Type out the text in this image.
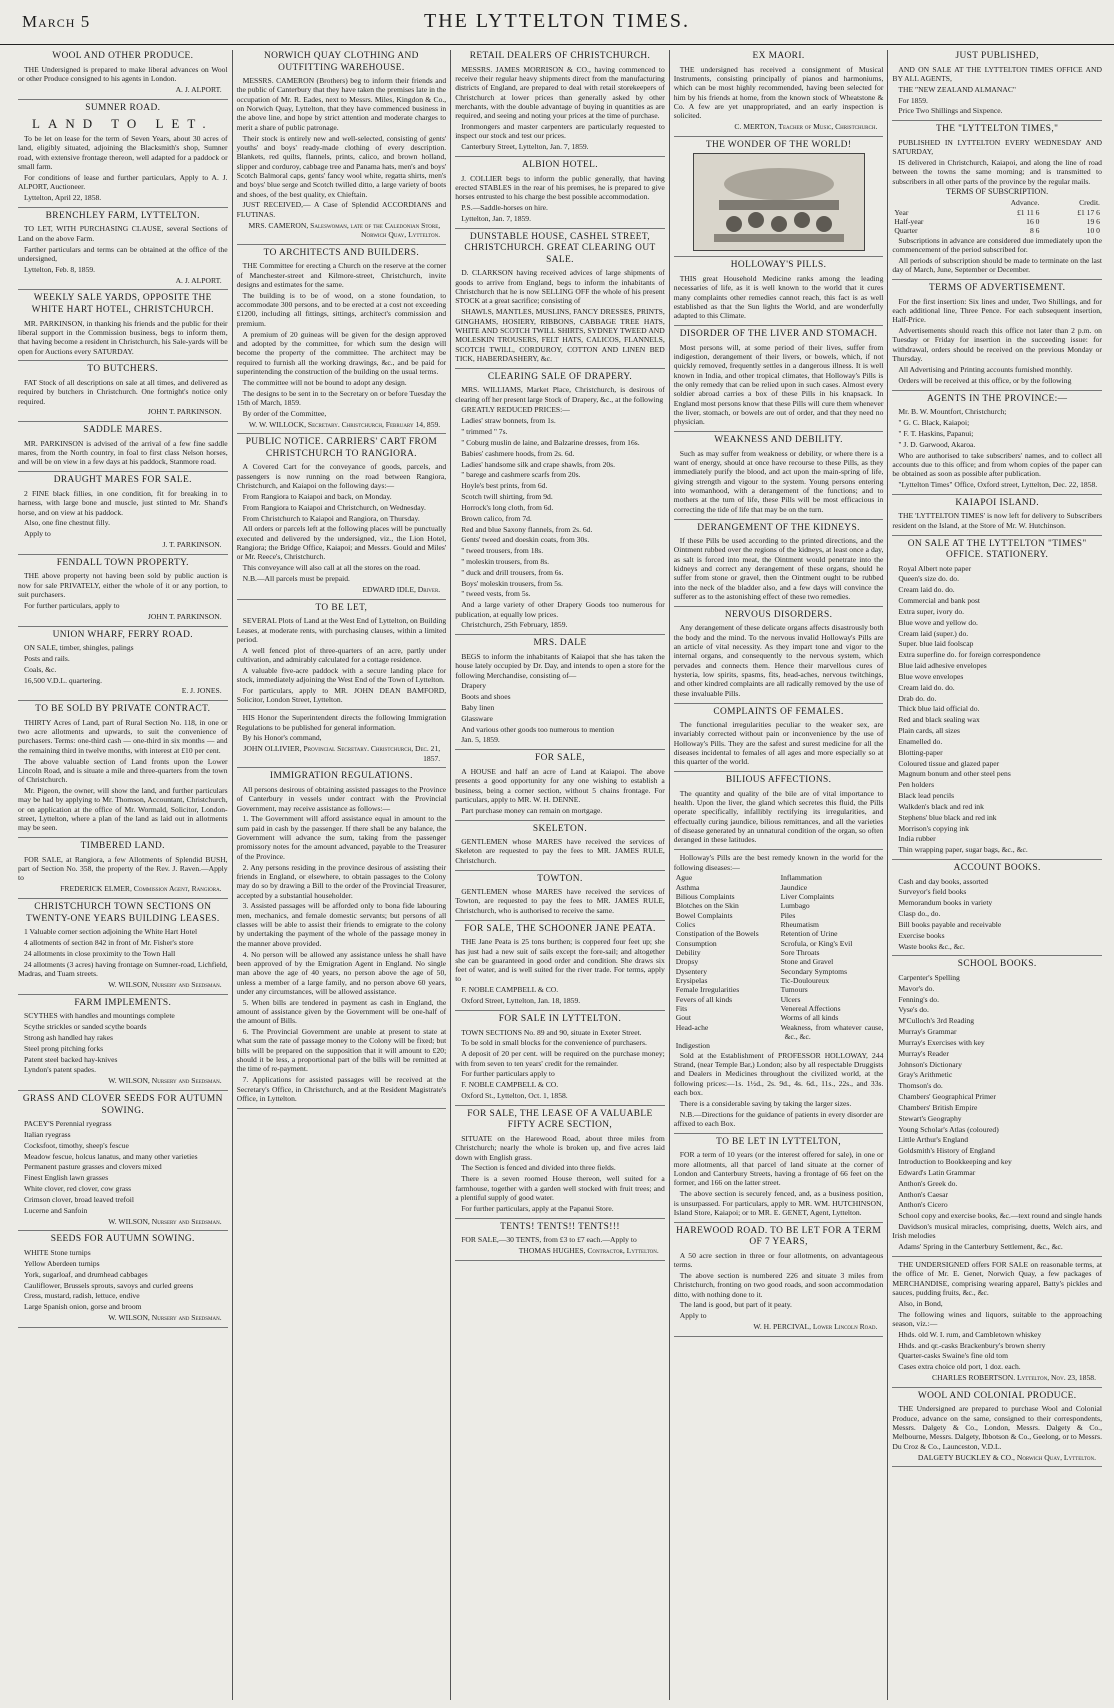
March 5	THE LYTTELTON TIMES.
WOOL AND OTHER PRODUCE.

THE Undersigned is prepared to make liberal advances on Wool or other Produce consigned to his agents in London.

A. J. ALPORT.

SUMNER ROAD.
LAND TO LET.

To be let on lease for the term of Seven Years, about 30 acres of land, eligibly situated, adjoining the Blacksmith's shop, Sumner road, with extensive frontage thereon, well adapted for a paddock or small farm.

For conditions of lease and further particulars, Apply to A. J. ALPORT, Auctioneer.

Lyttelton, April 22, 1858.

BRENCHLEY FARM, LYTTELTON.

TO LET, WITH PURCHASING CLAUSE, several Sections of Land on the above Farm.

Farther particulars and terms can be obtained at the office of the undersigned,

Lyttelton, Feb. 8, 1859.

A. J. ALPORT.

WEEKLY SALE YARDS, OPPOSITE THE WHITE HART HOTEL, CHRISTCHURCH.

MR. PARKINSON, in thanking his friends and the public for their liberal support in the Commission business, begs to inform them, that having become a resident in Christchurch, his Sale-yards will be open for Auctions every SATURDAY.

TO BUTCHERS.

FAT Stock of all descriptions on sale at all times, and delivered as required by butchers in Christchurch. One fortnight's notice only required.

JOHN T. PARKINSON.

SADDLE MARES.

MR. PARKINSON is advised of the arrival of a few fine saddle mares, from the North country, in foal to first class Nelson horses, and will be on view in a few days at his paddock, Stanmore road.

DRAUGHT MARES FOR SALE.

2 FINE black fillies, in one condition, fit for breaking in to harness, with large bone and muscle, just stinted to Mr. Shand's horse, and on view at his paddock.

Also, one fine chestnut filly.

Apply to

J. T. PARKINSON.

FENDALL TOWN PROPERTY.

THE above property not having been sold by public auction is now for sale PRIVATELY, either the whole of it or any portion, to suit purchasers.

For further particulars, apply to

JOHN T. PARKINSON.

UNION WHARF, FERRY ROAD.

ON SALE, timber, shingles, palings

Posts and rails.

Coals, &c.

16,500 V.D.L. quartering.

E. J. JONES.

TO BE SOLD BY PRIVATE CONTRACT.

THIRTY Acres of Land, part of Rural Section No. 118, in one or two acre allotments and upwards, to suit the convenience of purchasers. Terms: one-third cash — one-third in six months — and the remaining third in twelve months, with interest at £10 per cent.

The above valuable section of Land fronts upon the Lower Lincoln Road, and is situate a mile and three-quarters from the town of Christchurch.

Mr. Pigeon, the owner, will show the land, and further particulars may be had by applying to Mr. Thomson, Accountant, Christchurch, or on application at the office of Mr. Wormald, Solicitor, London-street, Lyttelton, where a plan of the land as laid out in allotments may be seen.

TIMBERED LAND.

FOR SALE, at Rangiora, a few Allotments of Splendid BUSH, part of Section No. 358, the property of the Rev. J. Raven.—Apply to

FREDERICK ELMER, Commission Agent, Rangiora.

CHRISTCHURCH TOWN SECTIONS ON TWENTY-ONE YEARS BUILDING LEASES.

1 Valuable corner section adjoining the White Hart Hotel

4 allotments of section 842 in front of Mr. Fisher's store

24 allotments in close proximity to the Town Hall

24 allotments (3 acres) having frontage on Sumner-road, Lichfield, Madras, and Tuam streets.

W. WILSON, Nursery and Seedsman.

FARM IMPLEMENTS.

SCYTHES with handles and mountings complete

Scythe strickles or sanded scythe boards

Strong ash handled hay rakes

Steel prong pitching forks

Patent steel backed hay-knives

Lyndon's patent spades.

W. WILSON, Nursery and Seedsman.

GRASS AND CLOVER SEEDS FOR AUTUMN SOWING.

PACEY'S Perennial ryegrass

Italian ryegrass

Cocksfoot, timothy, sheep's fescue

Meadow fescue, holcus lanatus, and many other varieties

Permanent pasture grasses and clovers mixed

Finest English lawn grasses

White clover, red clover, cow grass

Crimson clover, broad leaved trefoil

Lucerne and Sanfoin

W. WILSON, Nursery and Seedsman.

SEEDS FOR AUTUMN SOWING.

WHITE Stone turnips

Yellow Aberdeen turnips

York, sugarloaf, and drumhead cabbages

Cauliflower, Brussels sprouts, savoys and curled greens

Cress, mustard, radish, lettuce, endive

Large Spanish onion, gorse and broom

W. WILSON, Nursery and Seedsman.

NORWICH QUAY CLOTHING AND OUTFITTING WAREHOUSE.

MESSRS. CAMERON (Brothers) beg to inform their friends and the public of Canterbury that they have taken the premises late in the occupation of Mr. R. Eades, next to Messrs. Miles, Kingdon & Co., on Norwich Quay, Lyttelton, that they have commenced business in the above line, and hope by strict attention and moderate charges to merit a share of public patronage.

Their stock is entirely new and well-selected, consisting of gents' youths' and boys' ready-made clothing of every description. Blankets, red quilts, flannels, prints, calico, and brown holland, slipper and corduroy, cabbage tree and Panama hats, men's and boys' Scotch Balmoral caps, gents' fancy wool white, regatta shirts, men's and boys' blue serge and Scotch twilled ditto, a large variety of boots and shoes, of the best quality, ex Chieftain.

JUST RECEIVED,— A Case of Splendid ACCORDIANS and FLUTINAS.

MRS. CAMERON, Saleswoman, late of the Caledonian Store, Norwich Quay, Lyttelton.

TO ARCHITECTS AND BUILDERS.

THE Committee for erecting a Church on the reserve at the corner of Manchester-street and Kilmore-street, Christchurch, invite designs and estimates for the same.

The building is to be of wood, on a stone foundation, to accommodate 300 persons, and to be erected at a cost not exceeding £1200, including all fittings, sittings, architect's commission and premium.

A premium of 20 guineas will be given for the design approved and adopted by the committee, for which sum the design will become the property of the committee. The architect may be required to furnish all the working drawings, &c., and be paid for superintending the construction of the building on the usual terms.

The committee will not be bound to adopt any design.

The designs to be sent in to the Secretary on or before Tuesday the 15th of March, 1859.

By order of the Committee,

W. W. WILLOCK, Secretary. Christchurch, February 14, 859.

PUBLIC NOTICE. CARRIERS' CART FROM CHRISTCHURCH TO RANGIORA.

A Covered Cart for the conveyance of goods, parcels, and passengers is now running on the road between Rangiora, Christchurch, and Kaiapoi on the following days:—

From Rangiora to Kaiapoi and back, on Monday.

From Rangiora to Kaiapoi and Christchurch, on Wednesday.

From Christchurch to Kaiapoi and Rangiora, on Thursday.

All orders or parcels left at the following places will be punctually executed and delivered by the undersigned, viz., the Lion Hotel, Rangiora; the Bridge Office, Kaiapoi; and Messrs. Gould and Miles' or Mr. Reece's, Christchurch.

This conveyance will also call at all the stores on the road.

N.B.—All parcels must be prepaid.

EDWARD IDLE, Driver.

TO BE LET,

SEVERAL Plots of Land at the West End of Lyttelton, on Building Leases, at moderate rents, with purchasing clauses, within a limited period.

A well fenced plot of three-quarters of an acre, partly under cultivation, and admirably calculated for a cottage residence.

A valuable five-acre paddock with a secure landing place for stock, immediately adjoining the West End of the Town of Lyttelton.

For particulars, apply to MR. JOHN DEAN BAMFORD, Solicitor, London Street, Lyttelton.

HIS Honor the Superintendent directs the following Immigration Regulations to be published for general information.

By his Honor's command,

JOHN OLLIVIER, Provincial Secretary. Christchurch, Dec. 21, 1857.

IMMIGRATION REGULATIONS.

All persons desirous of obtaining assisted passages to the Province of Canterbury in vessels under contract with the Provincial Government, may receive assistance as follows:—

1. The Government will afford assistance equal in amount to the sum paid in cash by the passenger. If there shall be any balance, the Government will advance the sum, taking from the passenger promissory notes for the amount advanced, payable to the Treasurer of the Province.

2. Any persons residing in the province desirous of assisting their friends in England, or elsewhere, to obtain passages to the Colony may do so by drawing a Bill to the order of the Provincial Treasurer, accepted by a substantial householder.

3. Assisted passages will be afforded only to bona fide labouring men, mechanics, and female domestic servants; but persons of all classes will be able to assist their friends to emigrate to the colony by undertaking the payment of the whole of the passage money in the manner above provided.

4. No person will be allowed any assistance unless he shall have been approved of by the Emigration Agent in England. No single man above the age of 40 years, no person above the age of 50, unless a member of a large family, and no person above 60 years, under any circumstances, will be allowed assistance.

5. When bills are tendered in payment as cash in England, the amount of assistance given by the Government will be one-half of the amount of Bills.

6. The Provincial Government are unable at present to state at what sum the rate of passage money to the Colony will be fixed; but bills will be prepared on the supposition that it will amount to £20; should it be less, a proportional part of the bills will be remitted at the time of re-payment.

7. Applications for assisted passages will be received at the Secretary's Office, in Christchurch, and at the Resident Magistrate's Office, in Lyttelton.

RETAIL DEALERS OF CHRISTCHURCH.

MESSRS. JAMES MORRISON & CO., having commenced to receive their regular heavy shipments direct from the manufacturing districts of England, are prepared to deal with retail storekeepers of Christchurch at lower prices than generally asked by other merchants, with the double advantage of buying in quantities as are required, and seeing and noting your prices at the time of purchase.

Ironmongers and master carpenters are particularly requested to inspect our stock and test our prices.

Canterbury Street, Lyttelton, Jan. 7, 1859.

ALBION HOTEL.

J. COLLIER begs to inform the public generally, that having erected STABLES in the rear of his premises, he is prepared to give horses entrusted to his charge the best possible accommodation.

P.S.—Saddle-horses on hire.

Lyttelton, Jan. 7, 1859.

DUNSTABLE HOUSE, CASHEL STREET, CHRISTCHURCH. GREAT CLEARING OUT SALE.

D. CLARKSON having received advices of large shipments of goods to arrive from England, begs to inform the inhabitants of Christchurch that he is now SELLING OFF the whole of his present STOCK at a great sacrifice; consisting of

SHAWLS, MANTLES, MUSLINS, FANCY DRESSES, PRINTS, GINGHAMS, HOSIERY, RIBBONS, CABBAGE TREE HATS, WHITE AND SCOTCH TWILL SHIRTS, SYDNEY TWEED AND MOLESKIN TROUSERS, FELT HATS, CALICOS, FLANNELS, SCOTCH TWILL, CORDUROY, COTTON AND LINEN BED TICK, HABERDASHERY, &c.

CLEARING SALE OF DRAPERY.

MRS. WILLIAMS, Market Place, Christchurch, is desirous of clearing off her present large Stock of Drapery, &c., at the following

GREATLY REDUCED PRICES:—

Ladies' straw bonnets, from 1s.

" trimmed " 7s.

" Coburg muslin de laine, and Balzarine dresses, from 16s.

Babies' cashmere hoods, from 2s. 6d.

Ladies' handsome silk and crape shawls, from 20s.

" barege and cashmere scarfs from 20s.

Hoyle's best prints, from 6d.

Scotch twill shirting, from 9d.

Horrock's long cloth, from 6d.

Brown calico, from 7d.

Red and blue Saxony flannels, from 2s. 6d.

Gents' tweed and doeskin coats, from 30s.

" tweed trousers, from 18s.

" moleskin trousers, from 8s.

" duck and drill trousers, from 6s.

Boys' moleskin trousers, from 5s.

" tweed vests, from 5s.

And a large variety of other Drapery Goods too numerous for publication, at equally low prices.

Christchurch, 25th February, 1859.

MRS. DALE

BEGS to inform the inhabitants of Kaiapoi that she has taken the house lately occupied by Dr. Day, and intends to open a store for the following Merchandise, consisting of—

Drapery

Boots and shoes

Baby linen

Glassware

And various other goods too numerous to mention

Jan. 5, 1859.

FOR SALE,

A HOUSE and half an acre of Land at Kaiapoi. The above presents a good opportunity for any one wishing to establish a business, being a corner section, without 5 chains frontage. For particulars, apply to MR. W. H. DENNE.

Part purchase money can remain on mortgage.

SKELETON.

GENTLEMEN whose MARES have received the services of Skeleton are requested to pay the fees to MR. JAMES RULE, Christchurch.

TOWTON.

GENTLEMEN whose MARES have received the services of Towton, are requested to pay the fees to MR. JAMES RULE, Christchurch, who is authorised to receive the same.

FOR SALE, THE SCHOONER JANE PEATA.

THE Jane Peata is 25 tons burthen; is coppered four feet up; she has just had a new suit of sails except the fore-sail; and altogether she can be guaranteed in good order and condition. She draws six feet of water, and is well suited for the river trade. For terms, apply to

F. NOBLE CAMPBELL & CO.

Oxford Street, Lyttelton, Jan. 18, 1859.

FOR SALE IN LYTTELTON.

TOWN SECTIONS No. 89 and 90, situate in Exeter Street.

To be sold in small blocks for the convenience of purchasers.

A deposit of 20 per cent. will be required on the purchase money; with from seven to ten years' credit for the remainder.

For further particulars apply to

F. NOBLE CAMPBELL & CO.

Oxford St., Lyttelton, Oct. 1, 1858.

FOR SALE, THE LEASE OF A VALUABLE FIFTY ACRE SECTION,

SITUATE on the Harewood Road, about three miles from Christchurch; nearly the whole is broken up, and five acres laid down with English grass.

The Section is fenced and divided into three fields.

There is a seven roomed House thereon, well suited for a farmhouse, together with a garden well stocked with fruit trees; and a plentiful supply of good water.

For further particulars, apply at the Papanui Store.

TENTS! TENTS!! TENTS!!!

FOR SALE,—30 TENTS, from £3 to £7 each.—Apply to

THOMAS HUGHES, Contractor, Lyttelton.

EX MAORI.

THE undersigned has received a consignment of Musical Instruments, consisting principally of pianos and harmoniums, which can be most highly recommended, having been selected for him by his friends at home, from the known stock of Wheatstone & Co. A few are yet unappropriated, and an early inspection is solicited.

C. MERTON, Teacher of Music, Christchurch.

THE WONDER OF THE WORLD!
HOLLOWAY'S PILLS.

THIS great Household Medicine ranks among the leading necessaries of life, as it is well known to the world that it cures many complaints other remedies cannot reach, this fact is as well established as that the Sun lights the World, and are wonderfully adapted to this Climate.

DISORDER OF THE LIVER AND STOMACH.

Most persons will, at some period of their lives, suffer from indigestion, derangement of their livers, or bowels, which, if not quickly removed, frequently settles in a dangerous illness. It is well known in India, and other tropical climates, that Holloway's Pills is the only remedy that can be relied upon in such cases. Almost every soldier abroad carries a box of these Pills in his knapsack. In England most persons know that these Pills will cure them whenever the liver, stomach, or bowels are out of order, and that they need no physician.

WEAKNESS AND DEBILITY.

Such as may suffer from weakness or debility, or where there is a want of energy, should at once have recourse to these Pills, as they immediately purify the blood, and act upon the main-spring of life, giving strength and vigour to the system. Young persons entering into womanhood, with a derangement of the functions; and to mothers at the turn of life, these Pills will be most efficacious in correcting the tide of life that may be on the turn.

DERANGEMENT OF THE KIDNEYS.

If these Pills be used according to the printed directions, and the Ointment rubbed over the regions of the kidneys, at least once a day, as salt is forced into meat, the Ointment would penetrate into the kidneys and correct any derangement of these organs, should he suffer from stone or gravel, then the Ointment ought to be rubbed into the neck of the bladder also, and a few days will convince the sufferer as to the astonishing effect of these two remedies.

NERVOUS DISORDERS.

Any derangement of these delicate organs affects disastrously both the body and the mind. To the nervous invalid Holloway's Pills are an article of vital necessity. As they impart tone and vigor to the internal organs, and consequently to the nervous system, which pervades and connects them. Hence their marvellous cures of hysteria, low spirits, spasms, fits, head-aches, nervous twitchings, and other kindred complaints are all radically removed by the use of these invaluable Pills.

COMPLAINTS OF FEMALES.

The functional irregularities peculiar to the weaker sex, are invariably corrected without pain or inconvenience by the use of Holloway's Pills. They are the safest and surest medicine for all the diseases incidental to females of all ages and more especially so at this quarter of the world.

BILIOUS AFFECTIONS.

The quantity and quality of the bile are of vital importance to health. Upon the liver, the gland which secretes this fluid, the Pills operate specifically, infallibly rectifying its irregularities, and effectually curing jaundice, bilious remittances, and all the varieties of disease generated by an unnatural condition of the organ, so often deranged in these latitudes.

Holloway's Pills are the best remedy known in the world for the following diseases:—

Ague	Inflammation
Asthma	Jaundice
Bilious Complaints	Liver Complaints
Blotches on the Skin	Lumbago
Bowel Complaints	Piles
Colics	Rheumatism
Constipation of the Bowels	Retention of Urine
Consumption	Scrofula, or King's Evil
Debility	Sore Throats
Dropsy	Stone and Gravel
Dysentery	Secondary Symptoms
Erysipelas	Tic-Douloureux
Female Irregularities	Tumours
Fevers of all kinds	Ulcers
Fits	Venereal Affections
Gout	Worms of all kinds
Head-ache	Weakness, from whatever cause, &c., &c.
Indigestion

Sold at the Establishment of PROFESSOR HOLLOWAY, 244 Strand, (near Temple Bar,) London; also by all respectable Druggists and Dealers in Medicines throughout the civilized world, at the following prices:—1s. 1½d., 2s. 9d., 4s. 6d., 11s., 22s., and 33s. each box.

There is a considerable saving by taking the larger sizes.

N.B.—Directions for the guidance of patients in every disorder are affixed to each Box.

TO BE LET IN LYTTELTON,

FOR a term of 10 years (or the interest offered for sale), in one or more allotments, all that parcel of land situate at the corner of London and Canterbury Streets, having a frontage of 66 feet on the former, and 166 on the latter street.

The above section is securely fenced, and, as a business position, is unsurpassed. For particulars, apply to MR. WM. HUTCHINSON, Island Store, Kaiapoi; or to MR. E. GENET, Agent, Lyttelton.

HAREWOOD ROAD. TO BE LET FOR A TERM OF 7 YEARS,

A 50 acre section in three or four allotments, on advantageous terms.

The above section is numbered 226 and situate 3 miles from Christchurch, fronting on two good roads, and soon accommodation ditto, with nothing done to it.

The land is good, but part of it peaty.

Apply to

W. H. PERCIVAL, Lower Lincoln Road.

JUST PUBLISHED,

AND ON SALE AT THE LYTTELTON TIMES OFFICE AND BY ALL AGENTS,

THE "NEW ZEALAND ALMANAC"

For 1859.

Price Two Shillings and Sixpence.

THE "LYTTELTON TIMES,"

PUBLISHED IN LYTTELTON EVERY WEDNESDAY AND SATURDAY,

IS delivered in Christchurch, Kaiapoi, and along the line of road between the towns the same morning; and is transmitted to subscribers in all other parts of the province by the regular mails.

TERMS OF SUBSCRIPTION.
	Advance.	Credit.
Year	£1 11 6	£1 17 6
Half-year	16 0	19 6
Quarter	8 6	10 0

Subscriptions in advance are considered due immediately upon the commencement of the period subscribed for.

All periods of subscription should be made to terminate on the last day of March, June, September or December.

TERMS OF ADVERTISEMENT.

For the first insertion: Six lines and under, Two Shillings, and for each additional line, Three Pence. For each subsequent insertion, Half-Price.

Advertisements should reach this office not later than 2 p.m. on Tuesday or Friday for insertion in the succeeding issue: for withdrawal, orders should be received on the previous Monday or Thursday.

All Advertising and Printing accounts furnished monthly.

Orders will be received at this office, or by the following

AGENTS IN THE PROVINCE:—

Mr. B. W. Mountfort, Christchurch;

" G. C. Black, Kaiapoi;

" F. T. Haskins, Papanui;

" J. D. Garwood, Akaroa.

Who are authorised to take subscribers' names, and to collect all accounts due to this office; and from whom copies of the paper can be obtained as soon as possible after publication.

"Lyttelton Times" Office, Oxford street, Lyttelton, Dec. 22, 1858.

KAIAPOI ISLAND.

THE 'LYTTELTON TIMES' is now left for delivery to Subscribers resident on the Island, at the Store of Mr. W. Hutchinson.

ON SALE AT THE LYTTELTON "TIMES" OFFICE. STATIONERY.

Royal Albert note paper

Queen's size do. do.

Cream laid do. do.

Commercial and bank post

Extra super, ivory do.

Blue wove and yellow do.

Cream laid (super.) do.

Super. blue laid foolscap

Extra superfine do. for foreign correspondence

Blue laid adhesive envelopes

Blue wove envelopes

Cream laid do. do.

Drab do. do.

Thick blue laid official do.

Red and black sealing wax

Plain cards, all sizes

Enamelled do.

Blotting-paper

Coloured tissue and glazed paper

Magnum bonum and other steel pens

Pen holders

Black lead pencils

Walkden's black and red ink

Stephens' blue black and red ink

Morrison's copying ink

India rubber

Thin wrapping paper, sugar bags, &c., &c.

ACCOUNT BOOKS.

Cash and day books, assorted

Surveyor's field books

Memorandum books in variety

Clasp do., do.

Bill books payable and receivable

Exercise books

Waste books &c., &c.

SCHOOL BOOKS.

Carpenter's Spelling

Mavor's do.

Fenning's do.

Vyse's do.

M'Culloch's 3rd Reading

Murray's Grammar

Murray's Exercises with key

Murray's Reader

Johnson's Dictionary

Gray's Arithmetic

Thomson's do.

Chambers' Geographical Primer

Chambers' British Empire

Stewart's Geography

Young Scholar's Atlas (coloured)

Little Arthur's England

Goldsmith's History of England

Introduction to Bookkeeping and key

Edward's Latin Grammar

Anthon's Greek do.

Anthon's Caesar

Anthon's Cicero

School copy and exercise books, &c.—text round and single hands

Davidson's musical miracles, comprising, duetts, Welch airs, and Irish melodies

Adams' Spring in the Canterbury Settlement, &c., &c.

THE UNDERSIGNED offers FOR SALE on reasonable terms, at the office of Mr. E. Genet, Norwich Quay, a few packages of MERCHANDISE, comprising wearing apparel, Batty's pickles and sauces, pudding fruits, &c., &c.

Also, in Bond,

The following wines and liquors, suitable to the approaching season, viz.:—

Hhds. old W. I. rum, and Cambletown whiskey

Hhds. and qr.-casks Brackenbury's brown sherry

Quarter-casks Swaine's fine old tom

Cases extra choice old port, 1 doz. each.

CHARLES ROBERTSON. Lyttelton, Nov. 23, 1858.

WOOL AND COLONIAL PRODUCE.

THE Undersigned are prepared to purchase Wool and Colonial Produce, advance on the same, consigned to their correspondents, Messrs. Dalgety & Co., London, Messrs. Dalgety & Co., Melbourne, Messrs. Dalgety, Ibbotson & Co., Geelong, or to Messrs. Du Croz & Co., Launceston, V.D.L.

DALGETY BUCKLEY & CO., Norwich Quay, Lyttelton.
